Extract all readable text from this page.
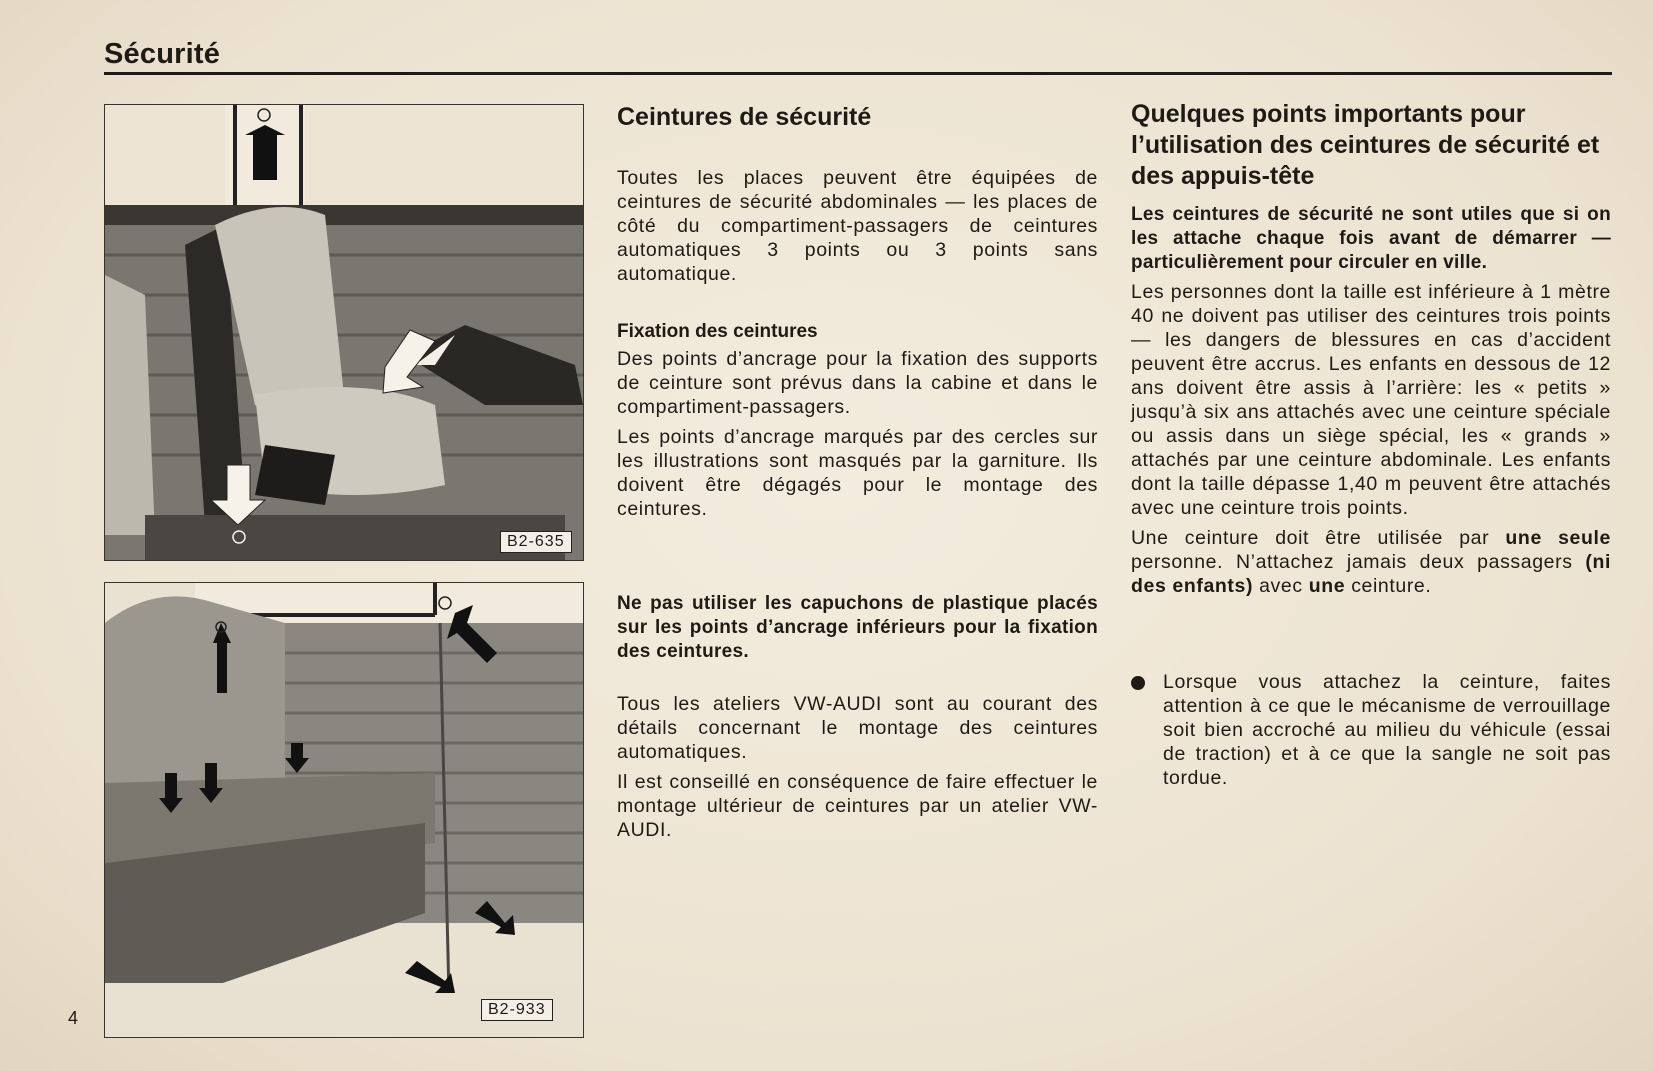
Sécurité
B2-635
B2-933
4
Ceintures de sécurité

Toutes les places peuvent être équipées de ceintures de sécurité abdominales — les places de côté du compartiment-passagers de ceintures automatiques 3 points ou 3 points sans automatique.

Fixation des ceintures

Des points d’ancrage pour la fixation des supports de ceinture sont prévus dans la cabine et dans le compartiment-passagers.

Les points d’ancrage marqués par des cercles sur les illustrations sont masqués par la garniture. Ils doivent être dégagés pour le montage des ceintures.

Ne pas utiliser les capuchons de plastique placés sur les points d’ancrage inférieurs pour la fixation des ceintures.

Tous les ateliers VW-AUDI sont au courant des détails concernant le montage des ceintures automatiques.

Il est conseillé en conséquence de faire effectuer le montage ultérieur de ceintures par un atelier VW-AUDI.

Quelques points importants pour l’utilisation des ceintures de sécurité et des appuis-tête

Les ceintures de sécurité ne sont utiles que si on les attache chaque fois avant de démarrer — particulièrement pour circuler en ville.

Les personnes dont la taille est inférieure à 1 mètre 40 ne doivent pas utiliser des ceintures trois points — les dangers de blessures en cas d’accident peuvent être accrus. Les enfants en dessous de 12 ans doivent être assis à l’arrière: les « petits » jusqu’à six ans attachés avec une ceinture spéciale ou assis dans un siège spécial, les « grands » attachés par une ceinture abdominale. Les enfants dont la taille dépasse 1,40 m peuvent être attachés avec une ceinture trois points.

Une ceinture doit être utilisée par une seule personne. N’attachez jamais deux passagers (ni des enfants) avec une ceinture.

Lorsque vous attachez la ceinture, faites attention à ce que le mécanisme de verrouillage soit bien accroché au milieu du véhicule (essai de traction) et à ce que la sangle ne soit pas tordue.
